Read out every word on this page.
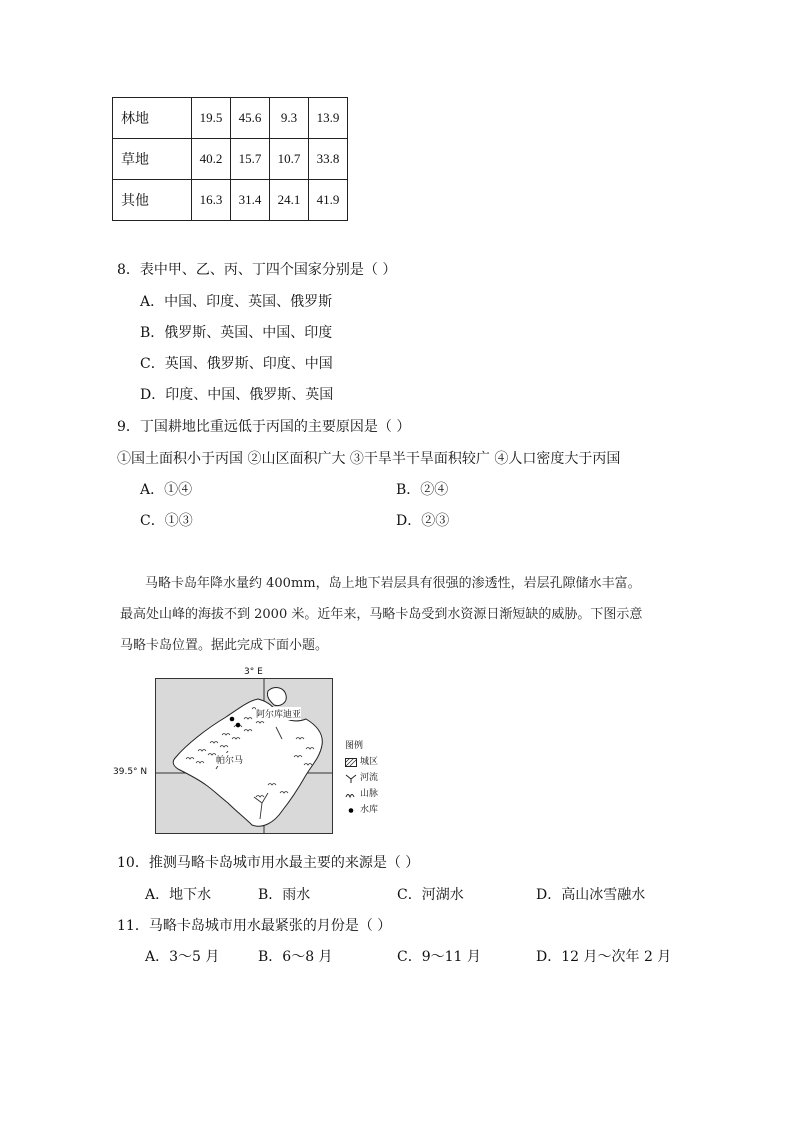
林地	19.5	45.6	9.3	13.9
草地	40.2	15.7	10.7	33.8
其他	16.3	31.4	24.1	41.9
8．表中甲、乙、丙、丁四个国家分别是（ ）
A．中国、印度、英国、俄罗斯
B．俄罗斯、英国、中国、印度
C．英国、俄罗斯、印度、中国
D．印度、中国、俄罗斯、英国
9．丁国耕地比重远低于丙国的主要原因是（ ）
①国土面积小于丙国 ②山区面积广大 ③干旱半干旱面积较广 ④人口密度大于丙国
A．①④	B．②④
C．①③	D．②③
马略卡岛年降水量约 400mm，岛上地下岩层具有很强的渗透性，岩层孔隙储水丰富。
最高处山峰的海拔不到 2000 米。近年来，马略卡岛受到水资源日渐短缺的威胁。下图示意
马略卡岛位置。据此完成下面小题。
3° E
39.5° N
阿尔库迪亚
帕尔马
图例
城区
河流
山脉
水库
10．推测马略卡岛城市用水最主要的来源是（ ）
A．地下水	B．雨水	C．河湖水	D．高山冰雪融水
11．马略卡岛城市用水最紧张的月份是（ ）
A．3～5 月	B．6～8 月	C．9～11 月	D．12 月～次年 2 月
